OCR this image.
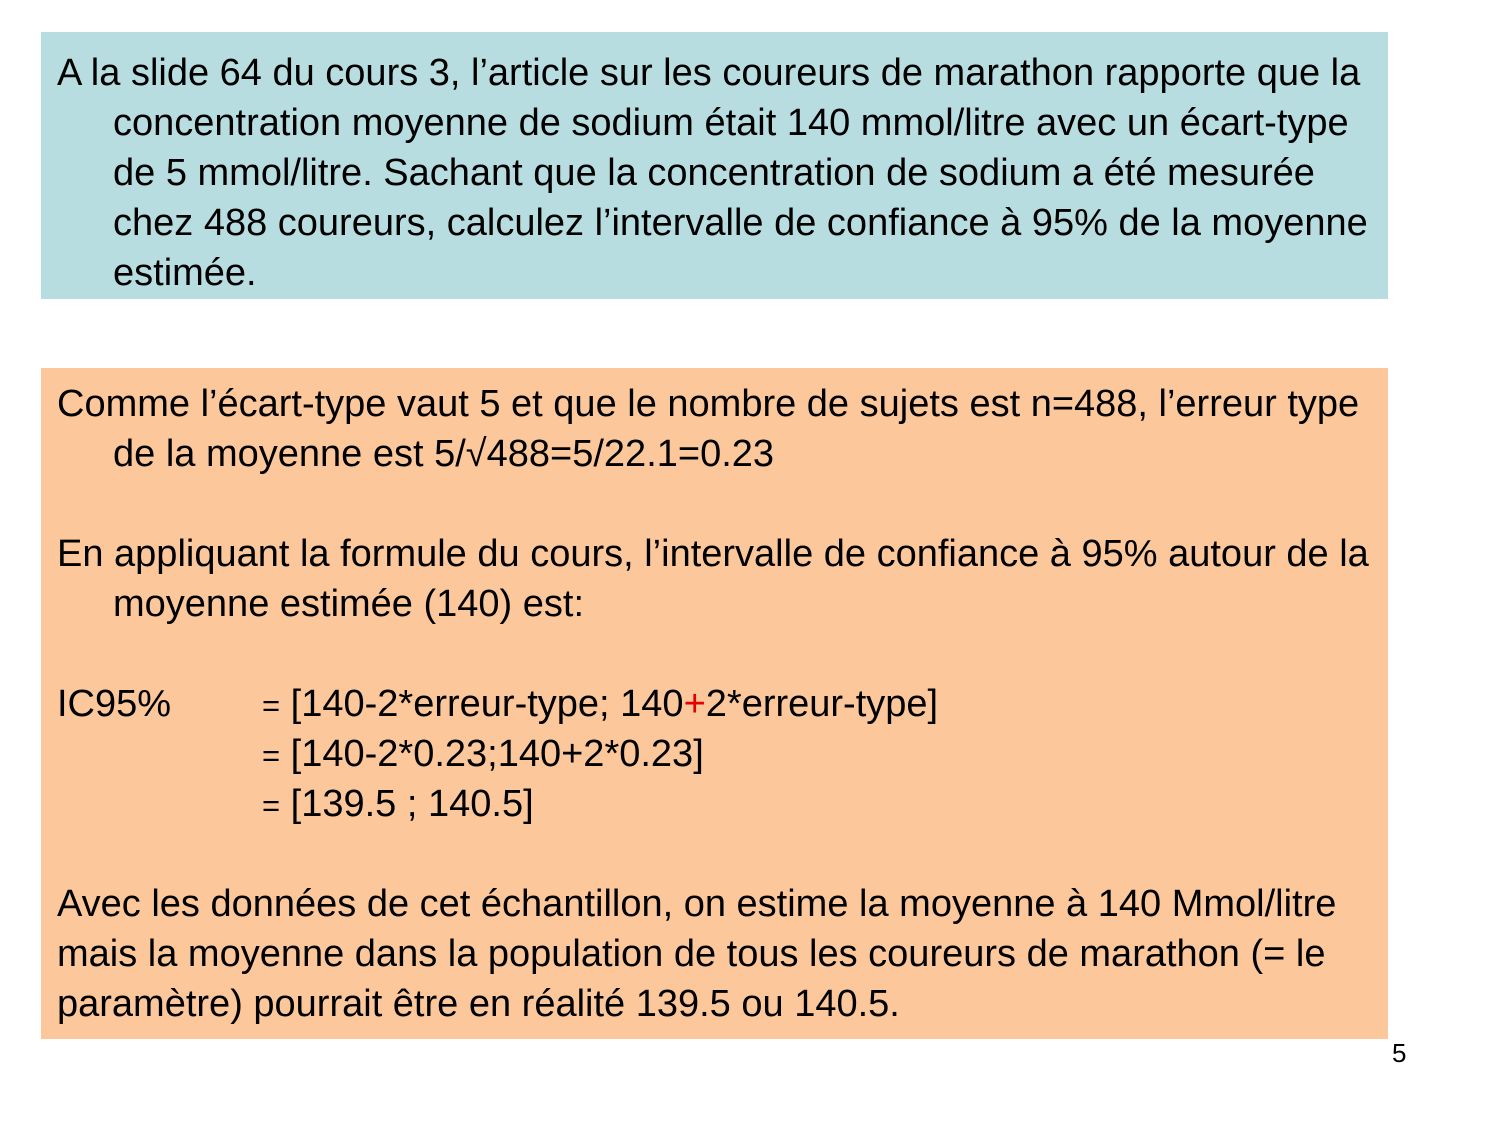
A la slide 64 du cours 3, l’article sur les coureurs de marathon rapporte que la concentration moyenne de sodium était 140 mmol/litre avec un écart-type de 5 mmol/litre. Sachant que la concentration de sodium a été mesurée chez 488 coureurs, calculez l’intervalle de confiance à 95% de la moyenne estimée.

Comme l’écart-type vaut 5 et que le nombre de sujets est n=488, l’erreur type de la moyenne est 5/√488=5/22.1=0.23

En appliquant la formule du cours, l’intervalle de confiance à 95% autour de la moyenne estimée (140) est:

IC95%	= [140-2*erreur-type; 140+2*erreur-type]
= [140-2*0.23;140+2*0.23]
= [139.5 ; 140.5]

Avec les données de cet échantillon, on estime la moyenne à 140 Mmol/litre mais la moyenne dans la population de tous les coureurs de marathon (= le paramètre) pourrait être en réalité 139.5 ou 140.5.

5
